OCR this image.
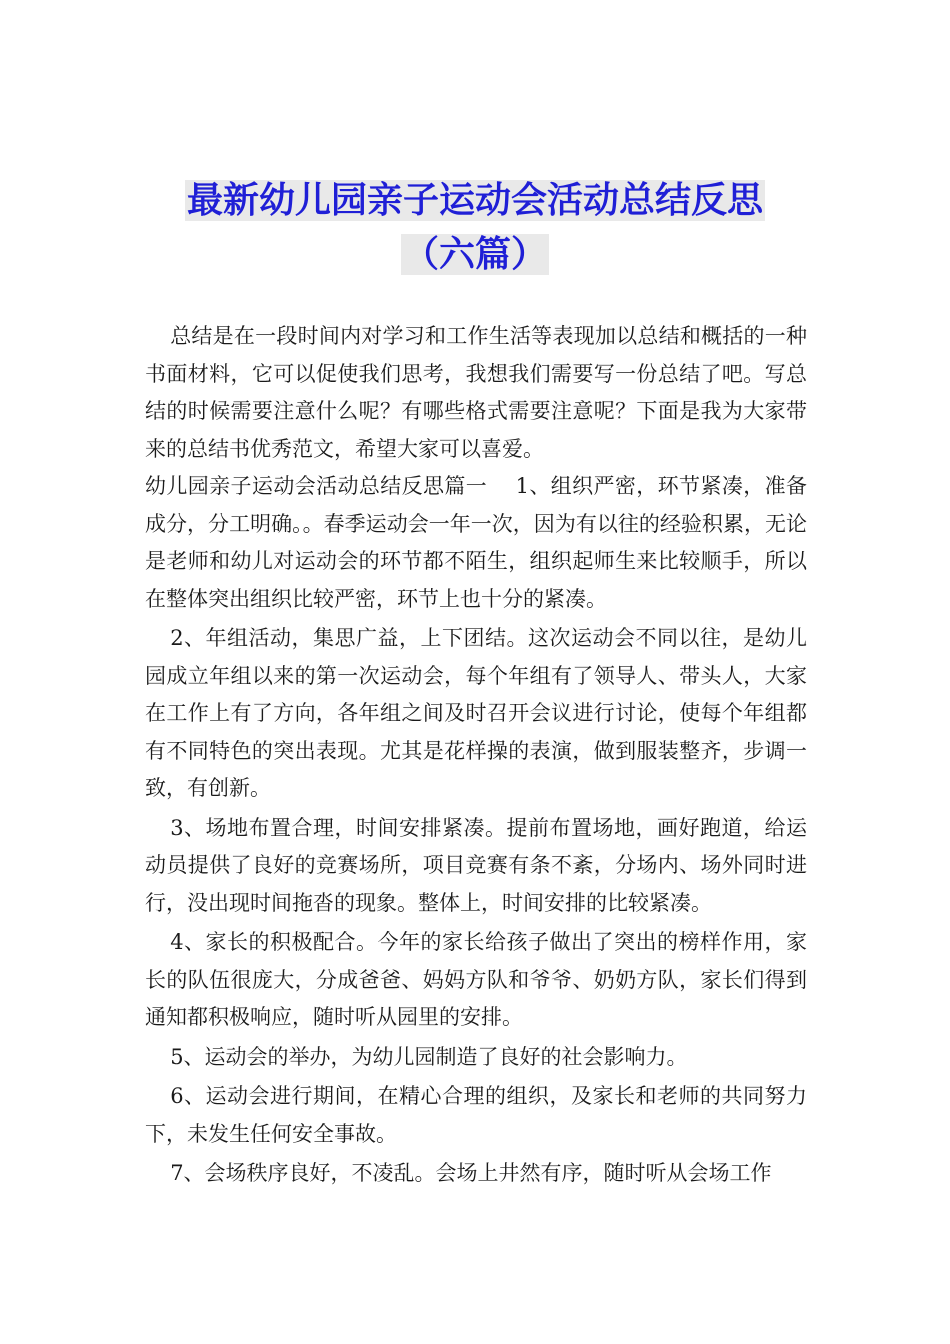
最新幼儿园亲子运动会活动总结反思
（六篇）

总结是在一段时间内对学习和工作生活等表现加以总结和概括的一种书面材料，它可以促使我们思考，我想我们需要写一份总结了吧。写总结的时候需要注意什么呢？有哪些格式需要注意呢？下面是我为大家带来的总结书优秀范文，希望大家可以喜爱。

幼儿园亲子运动会活动总结反思篇一　 1、组织严密，环节紧凑，准备成分，分工明确。。春季运动会一年一次，因为有以往的经验积累，无论是老师和幼儿对运动会的环节都不陌生，组织起师生来比较顺手，所以在整体突出组织比较严密，环节上也十分的紧凑。

2、年组活动，集思广益，上下团结。这次运动会不同以往，是幼儿园成立年组以来的第一次运动会，每个年组有了领导人、带头人，大家在工作上有了方向，各年组之间及时召开会议进行讨论，使每个年组都有不同特色的突出表现。尤其是花样操的表演，做到服装整齐，步调一致，有创新。

3、场地布置合理，时间安排紧凑。提前布置场地，画好跑道，给运动员提供了良好的竞赛场所，项目竞赛有条不紊，分场内、场外同时进行，没出现时间拖沓的现象。整体上，时间安排的比较紧凑。

4、家长的积极配合。今年的家长给孩子做出了突出的榜样作用，家长的队伍很庞大，分成爸爸、妈妈方队和爷爷、奶奶方队，家长们得到通知都积极响应，随时听从园里的安排。

5、运动会的举办，为幼儿园制造了良好的社会影响力。

6、运动会进行期间，在精心合理的组织，及家长和老师的共同努力下，未发生任何安全事故。

7、会场秩序良好，不凌乱。会场上井然有序，随时听从会场工作
